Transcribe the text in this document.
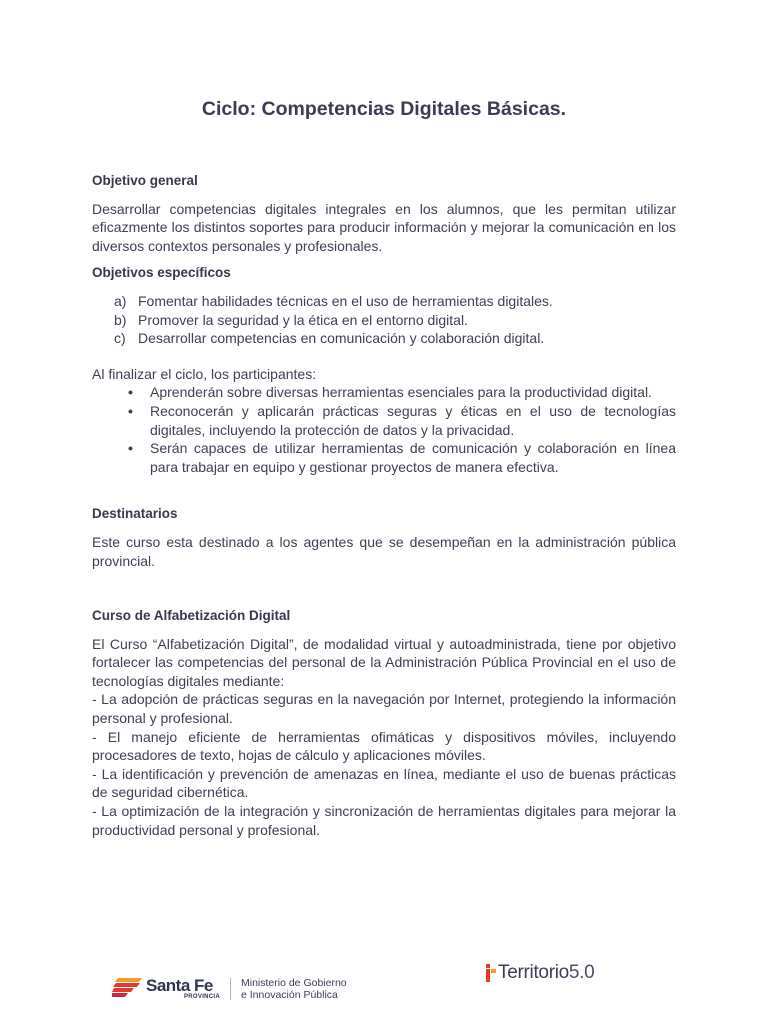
Ciclo: Competencias Digitales Básicas.

Objetivo general

Desarrollar competencias digitales integrales en los alumnos, que les permitan utilizar eficazmente los distintos soportes para producir información y mejorar la comunicación en los diversos contextos personales y profesionales.

Objetivos específicos

a) Fomentar habilidades técnicas en el uso de herramientas digitales.
b) Promover la seguridad y la ética en el entorno digital.
c) Desarrollar competencias en comunicación y colaboración digital.

Al finalizar el ciclo, los participantes:

• Aprenderán sobre diversas herramientas esenciales para la productividad digital.
• Reconocerán y aplicarán prácticas seguras y éticas en el uso de tecnologías digitales, incluyendo la protección de datos y la privacidad.
• Serán capaces de utilizar herramientas de comunicación y colaboración en línea para trabajar en equipo y gestionar proyectos de manera efectiva.

Destinatarios

Este curso esta destinado a los agentes que se desempeñan en la administración pública provincial.

Curso de Alfabetización Digital

El Curso “Alfabetización Digital”, de modalidad virtual y autoadministrada, tiene por objetivo fortalecer las competencias del personal de la Administración Pública Provincial en el uso de tecnologías digitales mediante:
- La adopción de prácticas seguras en la navegación por Internet, protegiendo la información personal y profesional.
- El manejo eficiente de herramientas ofimáticas y dispositivos móviles, incluyendo procesadores de texto, hojas de cálculo y aplicaciones móviles.
- La identificación y prevención de amenazas en línea, mediante el uso de buenas prácticas de seguridad cibernética.
- La optimización de la integración y sincronización de herramientas digitales para mejorar la productividad personal y profesional.
Santa Fe
PROVINCIA
Ministerio de Gobierno
e Innovación Pública
Territorio5.0
